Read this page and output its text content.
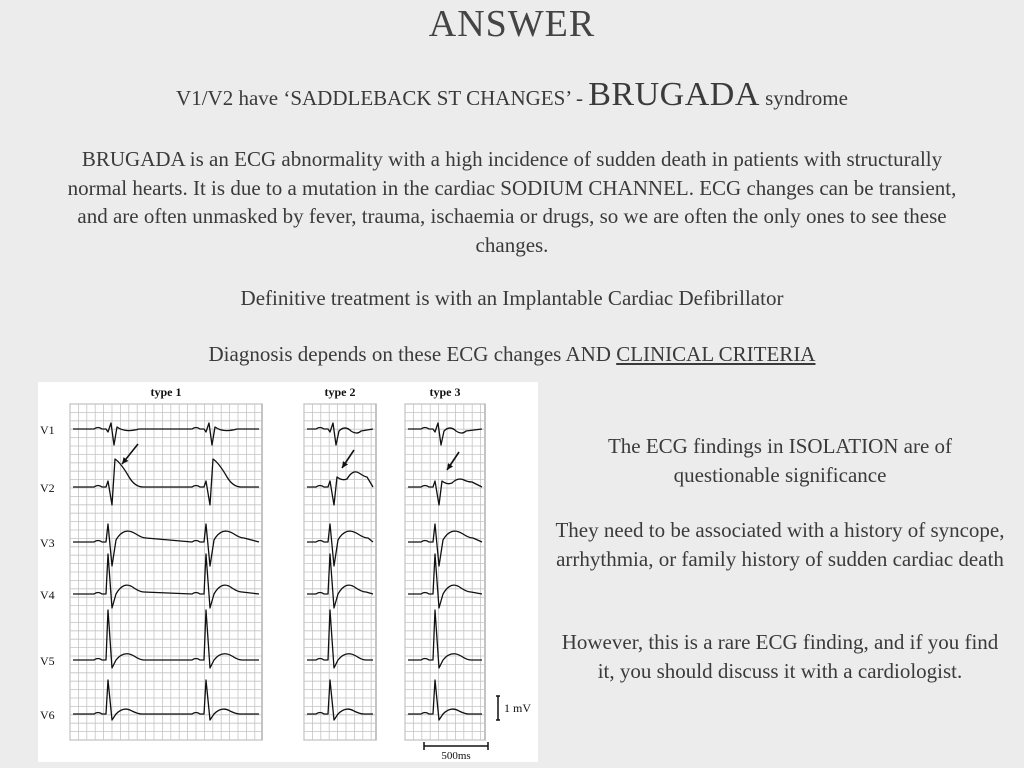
ANSWER
V1/V2 have ‘SADDLEBACK ST CHANGES’ - BRUGADA syndrome
BRUGADA is an ECG abnormality with a high incidence of sudden death in patients with structurally normal hearts. It is due to a mutation in the cardiac SODIUM CHANNEL. ECG changes can be transient, and are often unmasked by fever, trauma, ischaemia or drugs, so we are often the only ones to see these changes.
Definitive treatment is with an Implantable Cardiac Defibrillator
Diagnosis depends on these ECG changes AND CLINICAL CRITERIA
type 1	type 2	type 3
V1
V2
V3
V4
V5
V6	1 mV
500ms
The ECG findings in ISOLATION are of questionable significance
They need to be associated with a history of syncope, arrhythmia, or family history of sudden cardiac death
However, this is a rare ECG finding, and if you find it, you should discuss it with a cardiologist.
